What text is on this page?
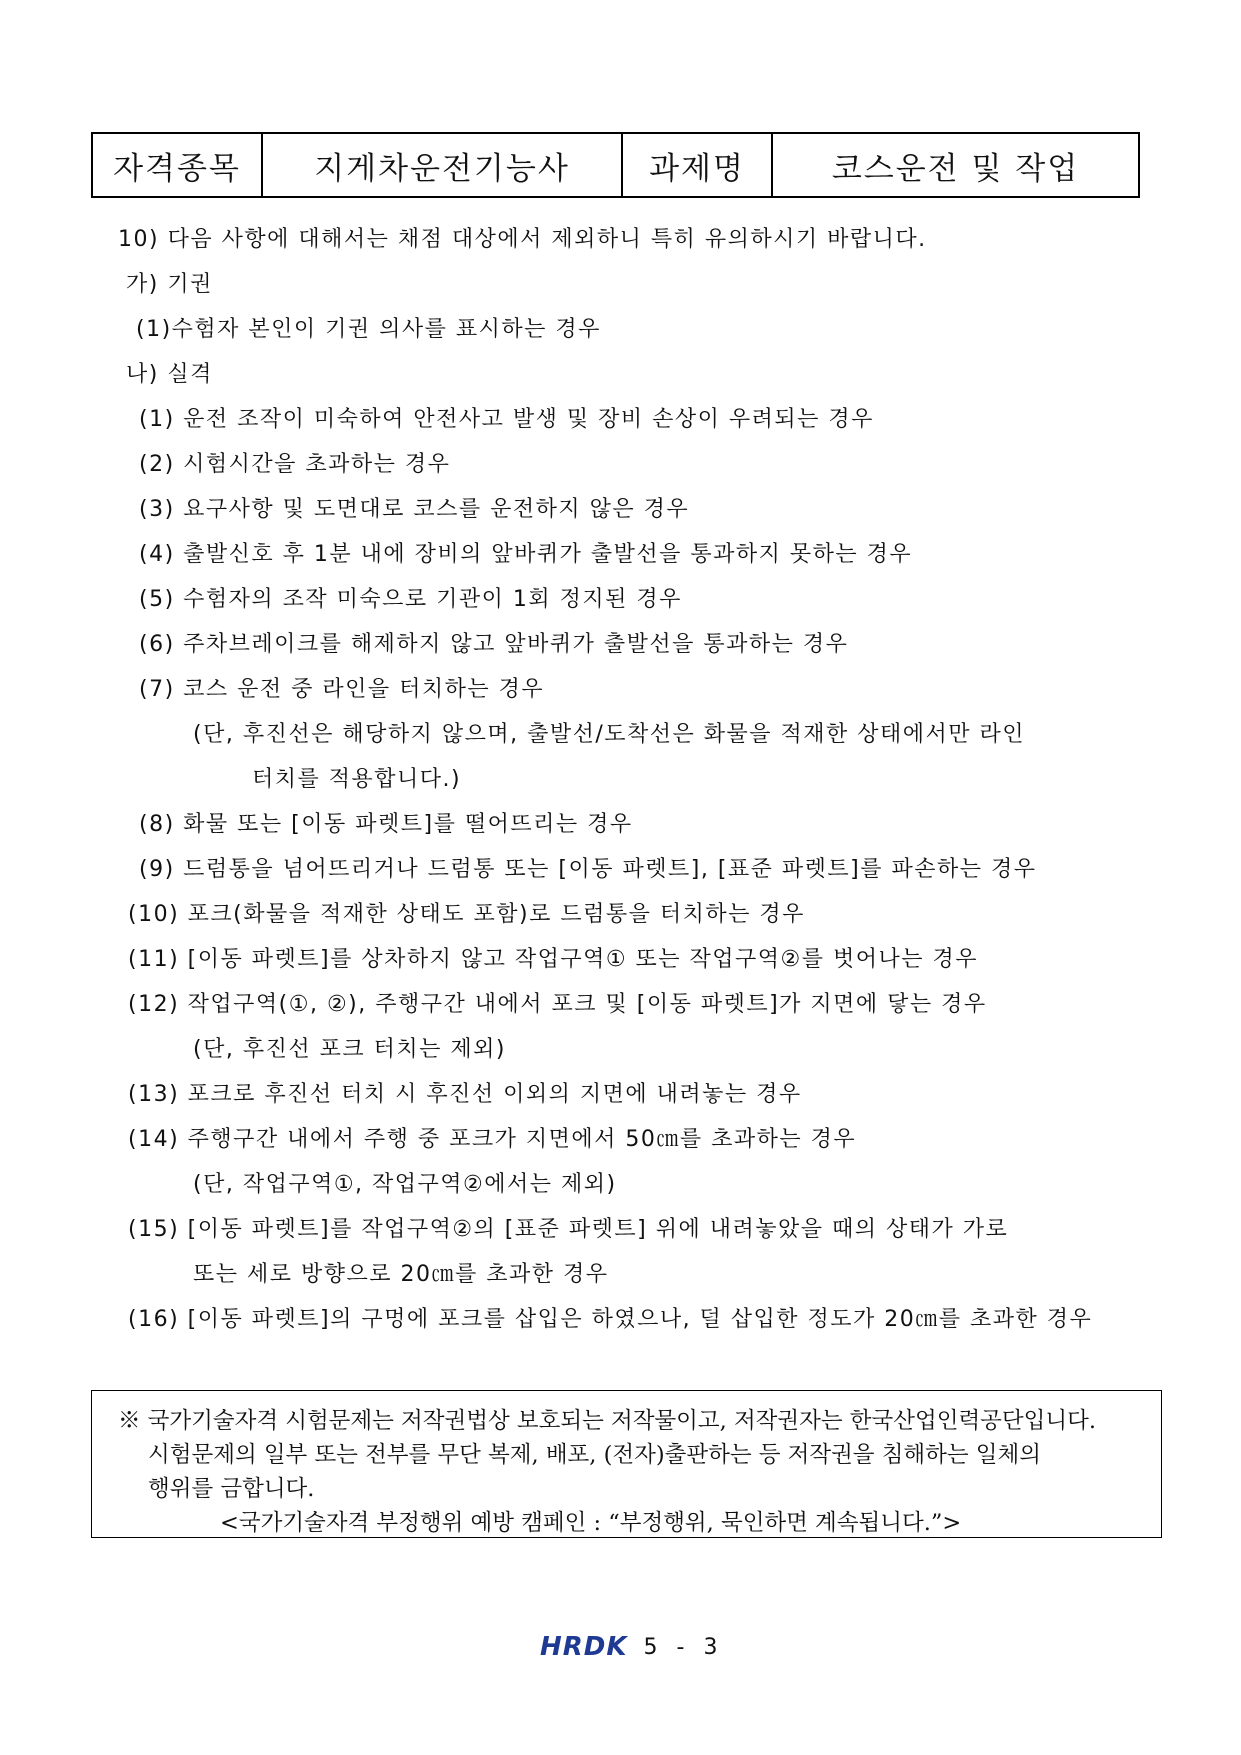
자격종목	지게차운전기능사	과제명	코스운전 및 작업
10) 다음 사항에 대해서는 채점 대상에서 제외하니 특히 유의하시기 바랍니다.
가) 기권
(1)수험자 본인이 기권 의사를 표시하는 경우
나) 실격
(1) 운전 조작이 미숙하여 안전사고 발생 및 장비 손상이 우려되는 경우
(2) 시험시간을 초과하는 경우
(3) 요구사항 및 도면대로 코스를 운전하지 않은 경우
(4) 출발신호 후 1분 내에 장비의 앞바퀴가 출발선을 통과하지 못하는 경우
(5) 수험자의 조작 미숙으로 기관이 1회 정지된 경우
(6) 주차브레이크를 해제하지 않고 앞바퀴가 출발선을 통과하는 경우
(7) 코스 운전 중 라인을 터치하는 경우
(단, 후진선은 해당하지 않으며, 출발선/도착선은 화물을 적재한 상태에서만 라인
터치를 적용합니다.)
(8) 화물 또는 [이동 파렛트]를 떨어뜨리는 경우
(9) 드럼통을 넘어뜨리거나 드럼통 또는 [이동 파렛트], [표준 파렛트]를 파손하는 경우
(10) 포크(화물을 적재한 상태도 포함)로 드럼통을 터치하는 경우
(11) [이동 파렛트]를 상차하지 않고 작업구역① 또는 작업구역②를 벗어나는 경우
(12) 작업구역(①, ②), 주행구간 내에서 포크 및 [이동 파렛트]가 지면에 닿는 경우
(단, 후진선 포크 터치는 제외)
(13) 포크로 후진선 터치 시 후진선 이외의 지면에 내려놓는 경우
(14) 주행구간 내에서 주행 중 포크가 지면에서 50㎝를 초과하는 경우
(단, 작업구역①, 작업구역②에서는 제외)
(15) [이동 파렛트]를 작업구역②의 [표준 파렛트] 위에 내려놓았을 때의 상태가 가로
또는 세로 방향으로 20㎝를 초과한 경우
(16) [이동 파렛트]의 구멍에 포크를 삽입은 하였으나, 덜 삽입한 정도가 20㎝를 초과한 경우
※ 국가기술자격 시험문제는 저작권법상 보호되는 저작물이고, 저작권자는 한국산업인력공단입니다.
시험문제의 일부 또는 전부를 무단 복제, 배포, (전자)출판하는 등 저작권을 침해하는 일체의
행위를 금합니다.
<국가기술자격 부정행위 예방 캠페인 : “부정행위, 묵인하면 계속됩니다.”>
HRDK 5 - 3
